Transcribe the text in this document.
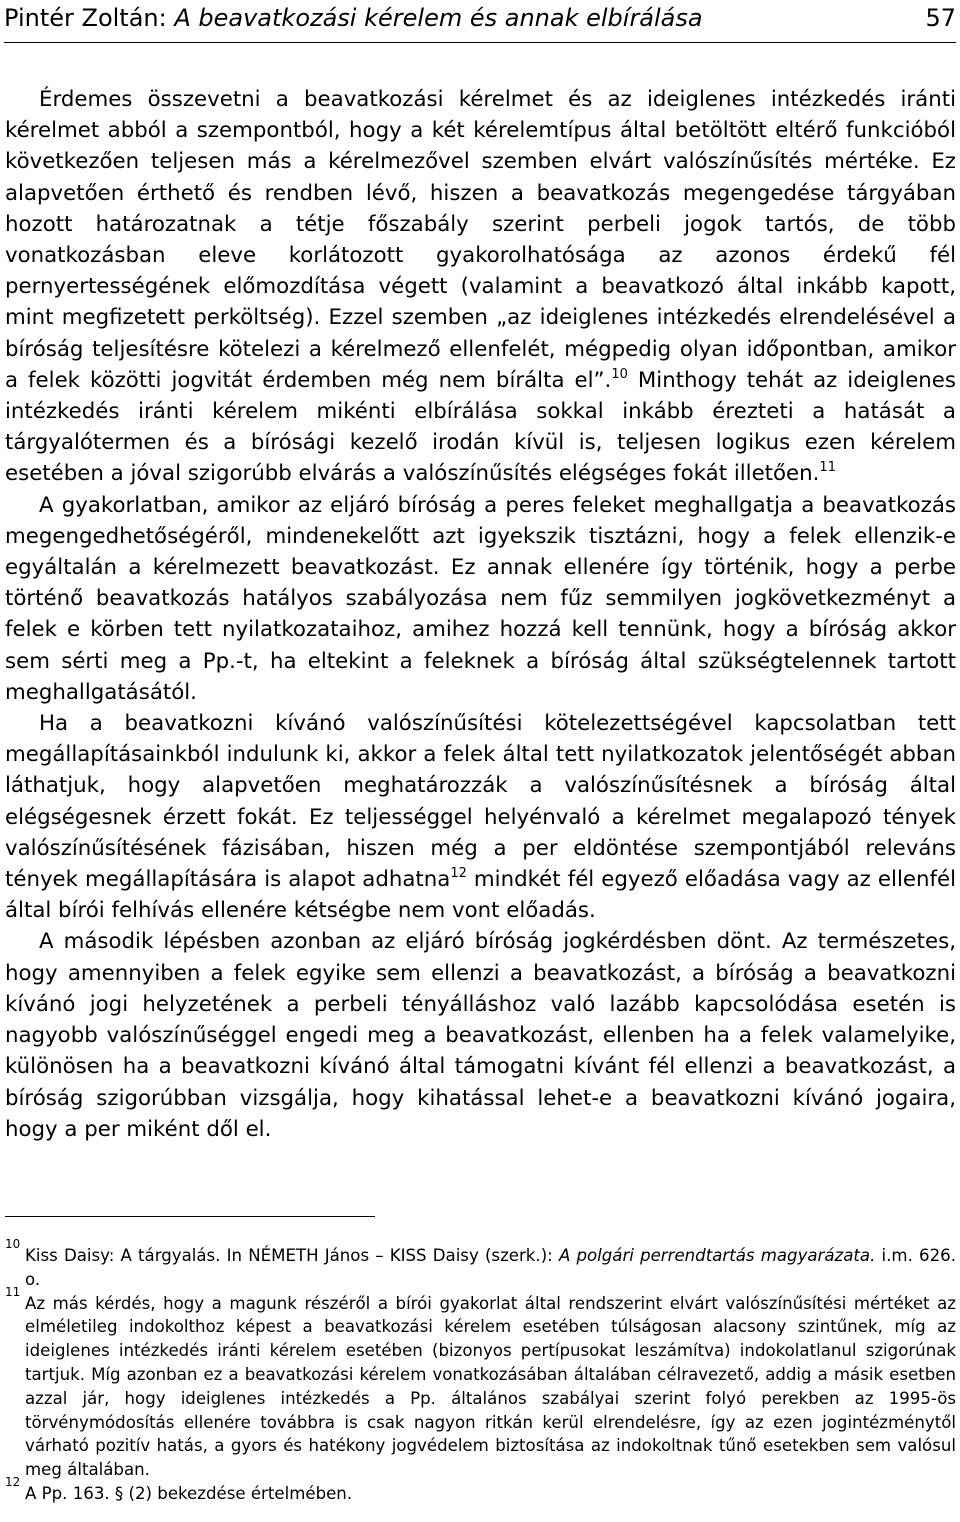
Pintér Zoltán: A beavatkozási kérelem és annak elbírálása	57

Érdemes összevetni a beavatkozási kérelmet és az ideiglenes intézkedés iránti kérelmet abból a szempontból, hogy a két kérelemtípus által betöltött eltérő funkcióból következően teljesen más a kérelmezővel szemben elvárt valószínűsítés mértéke. Ez alapvetően érthető és rendben lévő, hiszen a beavatkozás megengedése tárgyában hozott határozatnak a tétje főszabály szerint perbeli jogok tartós, de több vonatkozásban eleve korlátozott gyakorolhatósága az azonos érdekű fél pernyertességének előmozdítása végett (valamint a beavatkozó által inkább kapott, mint megfizetett perköltség). Ezzel szemben „az ideiglenes intézkedés elrendelésével a bíróság teljesítésre kötelezi a kérelmező ellenfelét, mégpedig olyan időpontban, amikor a felek közötti jogvitát érdemben még nem bírálta el”.$^{10}$ Minthogy tehát az ideiglenes intézkedés iránti kérelem mikénti elbírálása sokkal inkább érezteti a hatását a tárgyalótermen és a bírósági kezelő irodán kívül is, teljesen logikus ezen kérelem esetében a jóval szigorúbb elvárás a valószínűsítés elégséges fokát illetően.$^{11}$

A gyakorlatban, amikor az eljáró bíróság a peres feleket meghallgatja a beavatkozás megengedhetőségéről, mindenekelőtt azt igyekszik tisztázni, hogy a felek ellenzik-e egyáltalán a kérelmezett beavatkozást. Ez annak ellenére így történik, hogy a perbe történő beavatkozás hatályos szabályozása nem fűz semmilyen jogkövetkezményt a felek e körben tett nyilatkozataihoz, amihez hozzá kell tennünk, hogy a bíróság akkor sem sérti meg a Pp.-t, ha eltekint a feleknek a bíróság által szükségtelennek tartott meghallgatásától.

Ha a beavatkozni kívánó valószínűsítési kötelezettségével kapcsolatban tett megállapításainkból indulunk ki, akkor a felek által tett nyilatkozatok jelentőségét abban láthatjuk, hogy alapvetően meghatározzák a valószínűsítésnek a bíróság által elégségesnek érzett fokát. Ez teljességgel helyénvaló a kérelmet megalapozó tények valószínűsítésének fázisában, hiszen még a per eldöntése szempontjából releváns tények megállapítására is alapot adhatna$^{12}$ mindkét fél egyező előadása vagy az ellenfél által bírói felhívás ellenére kétségbe nem vont előadás.

A második lépésben azonban az eljáró bíróság jogkérdésben dönt. Az természetes, hogy amennyiben a felek egyike sem ellenzi a beavatkozást, a bíróság a beavatkozni kívánó jogi helyzetének a perbeli tényálláshoz való lazább kapcsolódása esetén is nagyobb valószínűséggel engedi meg a beavatkozást, ellenben ha a felek valamelyike, különösen ha a beavatkozni kívánó által támogatni kívánt fél ellenzi a beavatkozást, a bíróság szigorúbban vizsgálja, hogy kihatással lehet-e a beavatkozni kívánó jogaira, hogy a per miként dől el.

10
Kiss Daisy: A tárgyalás. In NÉMETH János – KISS Daisy (szerk.): A polgári perrendtartás magyarázata. i.m. 626. o.

11
Az más kérdés, hogy a magunk részéről a bírói gyakorlat által rendszerint elvárt valószínűsítési mértéket az elméletileg indokolthoz képest a beavatkozási kérelem esetében túlságosan alacsony szintűnek, míg az ideiglenes intézkedés iránti kérelem esetében (bizonyos pertípusokat leszámítva) indokolatlanul szigorúnak tartjuk. Míg azonban ez a beavatkozási kérelem vonatkozásában általában célravezető, addig a másik esetben azzal jár, hogy ideiglenes intézkedés a Pp. általános szabályai szerint folyó perekben az 1995-ös törvénymódosítás ellenére továbbra is csak nagyon ritkán kerül elrendelésre, így az ezen jogintézménytől várható pozitív hatás, a gyors és hatékony jogvédelem biztosítása az indokoltnak tűnő esetekben sem valósul meg általában.

12
A Pp. 163. § (2) bekezdése értelmében.
